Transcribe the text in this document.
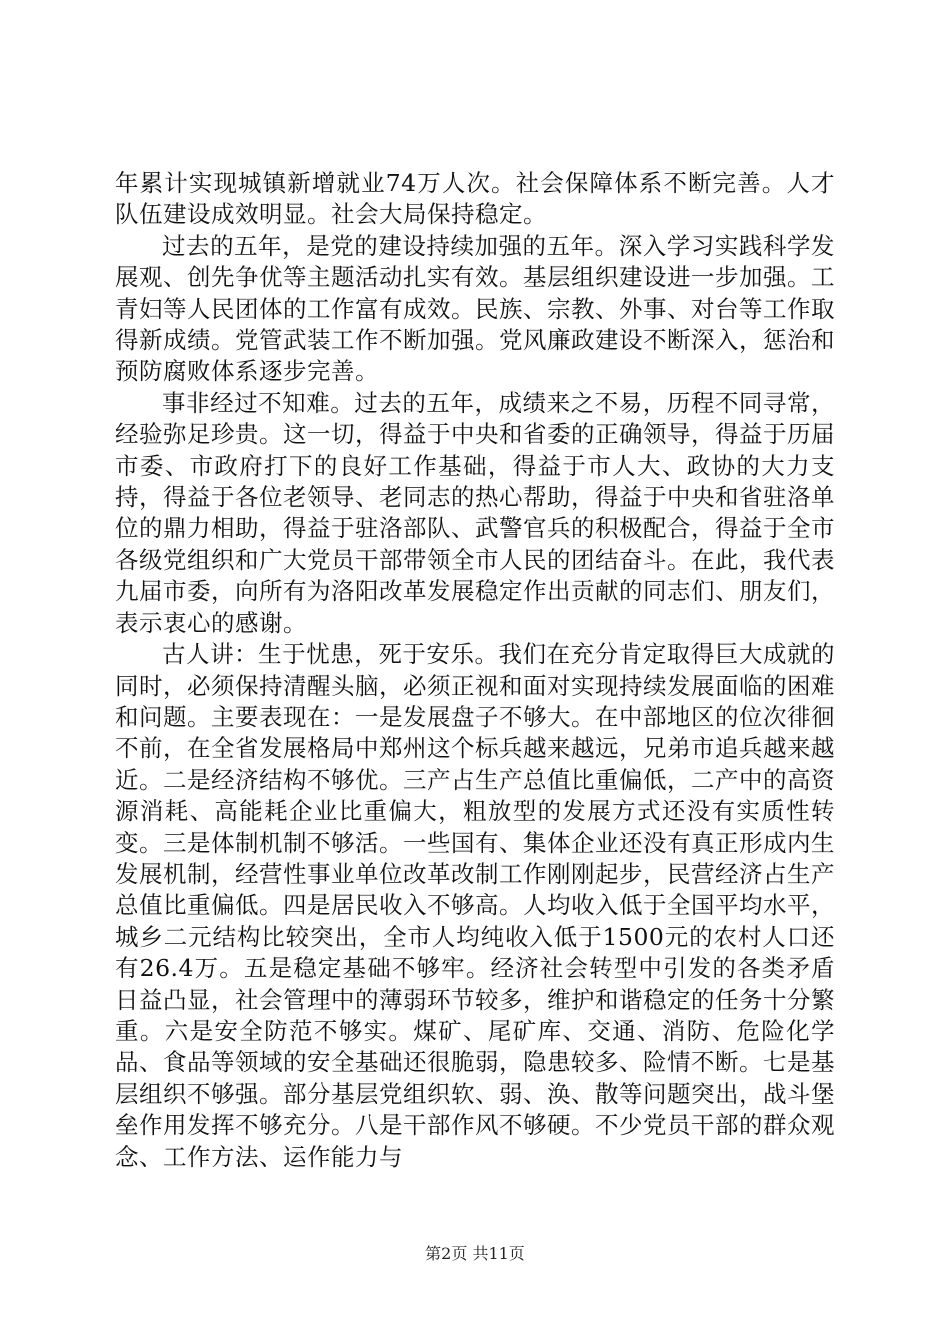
年累计实现城镇新增就业74万人次。社会保障体系不断完善。人才队伍建设成效明显。社会大局保持稳定。

过去的五年，是党的建设持续加强的五年。深入学习实践科学发展观、创先争优等主题活动扎实有效。基层组织建设进一步加强。工青妇等人民团体的工作富有成效。民族、宗教、外事、对台等工作取得新成绩。党管武装工作不断加强。党风廉政建设不断深入，惩治和预防腐败体系逐步完善。

事非经过不知难。过去的五年，成绩来之不易，历程不同寻常，经验弥足珍贵。这一切，得益于中央和省委的正确领导，得益于历届市委、市政府打下的良好工作基础，得益于市人大、政协的大力支持，得益于各位老领导、老同志的热心帮助，得益于中央和省驻洛单位的鼎力相助，得益于驻洛部队、武警官兵的积极配合，得益于全市各级党组织和广大党员干部带领全市人民的团结奋斗。在此，我代表九届市委，向所有为洛阳改革发展稳定作出贡献的同志们、朋友们，表示衷心的感谢。

古人讲：生于忧患，死于安乐。我们在充分肯定取得巨大成就的同时，必须保持清醒头脑，必须正视和面对实现持续发展面临的困难和问题。主要表现在：一是发展盘子不够大。在中部地区的位次徘徊不前，在全省发展格局中郑州这个标兵越来越远，兄弟市追兵越来越近。二是经济结构不够优。三产占生产总值比重偏低，二产中的高资源消耗、高能耗企业比重偏大，粗放型的发展方式还没有实质性转变。三是体制机制不够活。一些国有、集体企业还没有真正形成内生发展机制，经营性事业单位改革改制工作刚刚起步，民营经济占生产总值比重偏低。四是居民收入不够高。人均收入低于全国平均水平，城乡二元结构比较突出，全市人均纯收入低于1500元的农村人口还有26.4万。五是稳定基础不够牢。经济社会转型中引发的各类矛盾日益凸显，社会管理中的薄弱环节较多，维护和谐稳定的任务十分繁重。六是安全防范不够实。煤矿、尾矿库、交通、消防、危险化学品、食品等领域的安全基础还很脆弱，隐患较多、险情不断。七是基层组织不够强。部分基层党组织软、弱、涣、散等问题突出，战斗堡垒作用发挥不够充分。八是干部作风不够硬。不少党员干部的群众观念、工作方法、运作能力与

第2页 共11页
